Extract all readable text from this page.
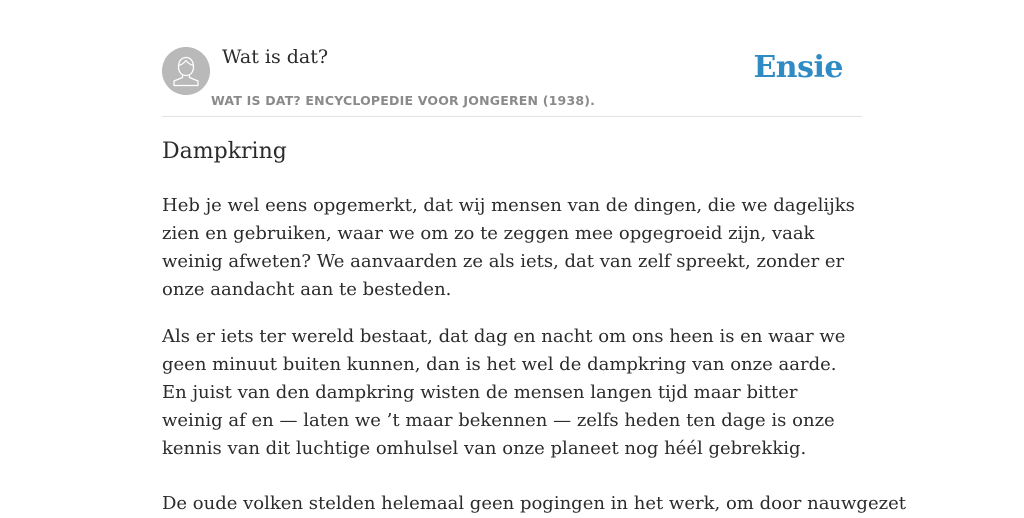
Wat is dat?
WAT IS DAT? ENCYCLOPEDIE VOOR JONGEREN (1938).
Ensie
Dampkring

Heb je wel eens opgemerkt, dat wij mensen van de dingen, die we dagelijks zien en gebruiken, waar we om zo te zeggen mee opgegroeid zijn, vaak weinig afweten? We aanvaarden ze als iets, dat van zelf spreekt, zonder er onze aandacht aan te besteden.

Als er iets ter wereld bestaat, dat dag en nacht om ons heen is en waar we geen minuut buiten kunnen, dan is het wel de dampkring van onze aarde. En juist van den dampkring wisten de mensen langen tijd maar bitter weinig af en — laten we ’t maar bekennen — zelfs heden ten dage is onze kennis van dit luchtige omhulsel van onze planeet nog héél gebrekkig.

De oude volken stelden helemaal geen pogingen in het werk, om door nauwgezet
